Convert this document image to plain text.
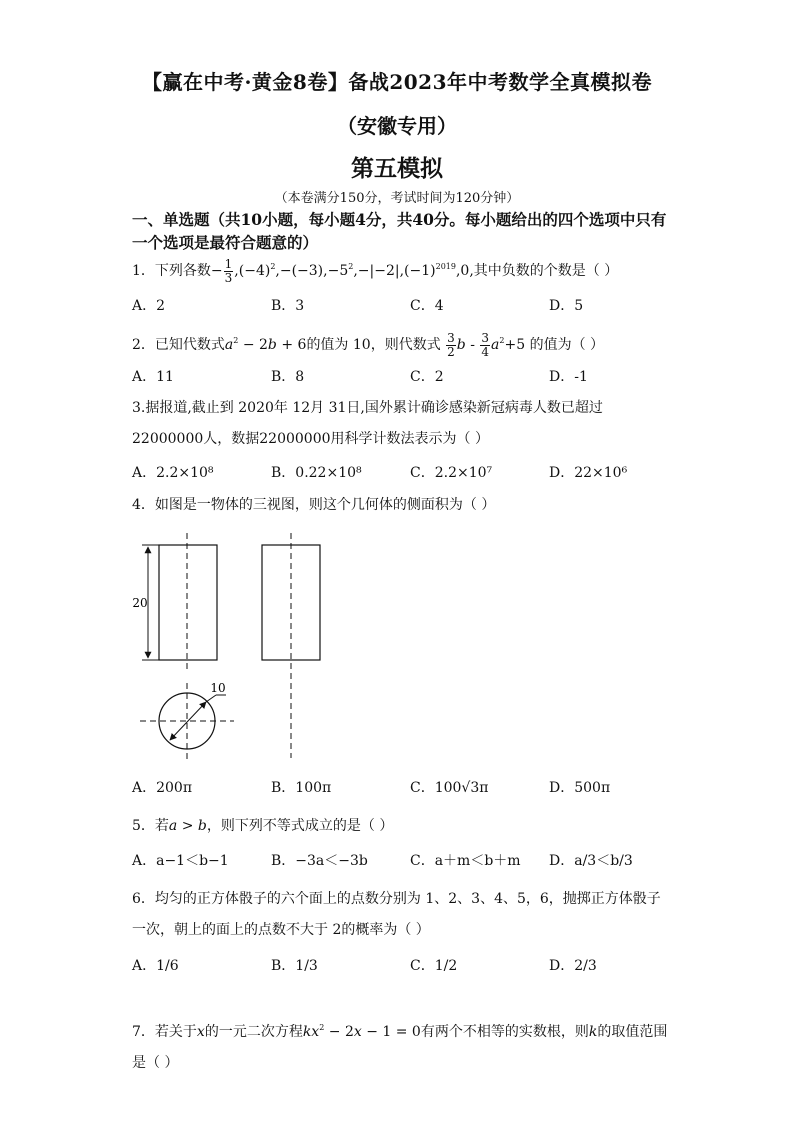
【赢在中考·黄金8卷】备战2023年中考数学全真模拟卷
（安徽专用）
第五模拟
（本卷满分150分，考试时间为120分钟）
一、单选题（共10小题，每小题4分，共40分。每小题给出的四个选项中只有一个选项是最符合题意的）
1．下列各数− $\frac{1}{3} ,(-4)^2,-(-3),-5^2,-|-2|,(-1)^{2019},0$,其中负数的个数是（ ）
A．2	B．3	C．4	D．5
2．已知代数式$a^2 - 2b + 6$的值为 10，则代数式 $\frac{3}{2}$ $b - \frac{3}{4} a^2+5$ 的值为（ ）
A．11	B．8	C．2	D．-1
3.据报道,截止到 2020年 12月 31日,国外累计确诊感染新冠病毒人数已超过22000000人，数据22000000用科学计数法表示为（ ）
A．2.2×10⁸	B．0.22×10⁸	C．2.2×10⁷	D．22×10⁶
4．如图是一物体的三视图，则这个几何体的侧面积为（ ）
20
10
A．200π	B．100π	C．100√3π	D．500π
5．若a > b，则下列不等式成立的是（ ）
A．a−1＜b−1	B．−3a＜−3b	C．a＋m＜b＋m D．a/3＜b/3
6．均匀的正方体骰子的六个面上的点数分别为 1、2、3、4、5，6，抛掷正方体骰子一次，朝上的面上的点数不大于 2的概率为（ ）
A．1/6	B．1/3	C．1/2	D．2/3
7．若关于x的一元二次方程$kx^2 - 2x - 1 = 0$有两个不相等的实数根，则k的取值范围是（ ）
